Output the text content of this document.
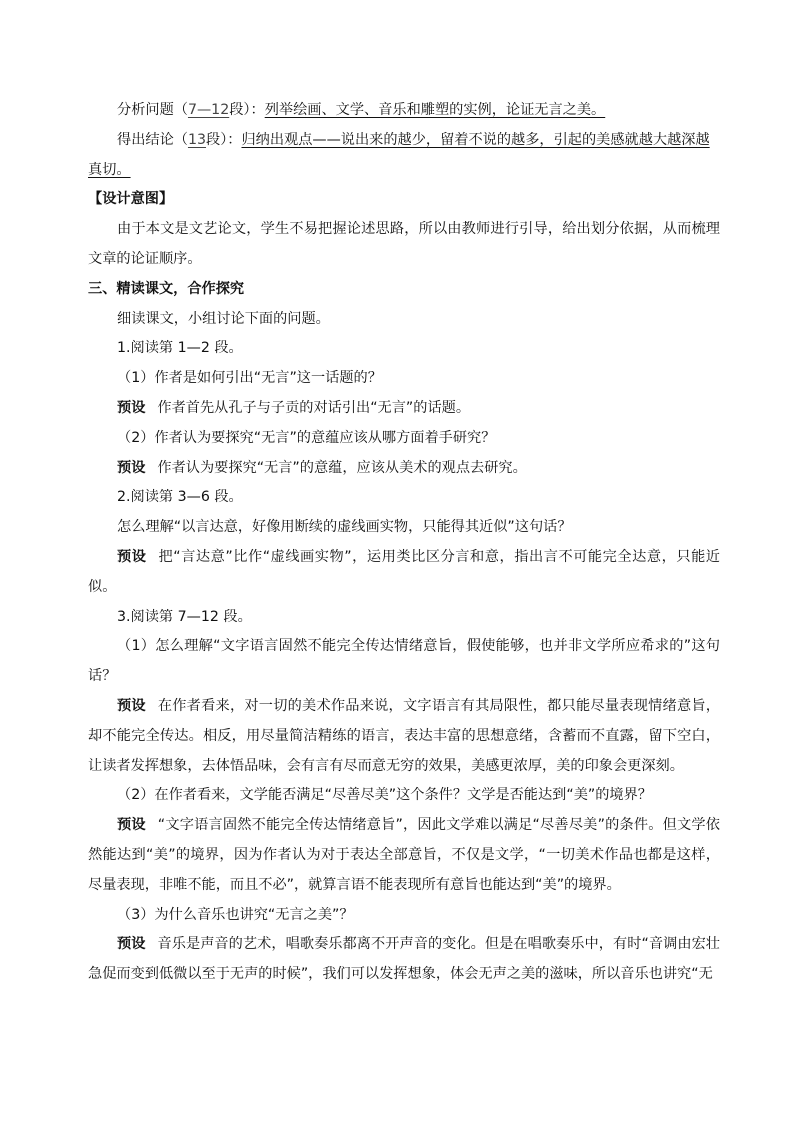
分析问题（7—12段）：列举绘画、文学、音乐和雕塑的实例，论证无言之美。

得出结论（13段）：归纳出观点——说出来的越少，留着不说的越多，引起的美感就越大越深越
真切。

【设计意图】

由于本文是文艺论文，学生不易把握论述思路，所以由教师进行引导，给出划分依据，从而梳理文章的论证顺序。

三、精读课文，合作探究

细读课文，小组讨论下面的问题。

1.阅读第 1—2 段。

（1）作者是如何引出“无言”这一话题的？

预设 作者首先从孔子与子贡的对话引出“无言”的话题。

（2）作者认为要探究“无言”的意蕴应该从哪方面着手研究？

预设 作者认为要探究“无言”的意蕴，应该从美术的观点去研究。

2.阅读第 3—6 段。

怎么理解“以言达意，好像用断续的虚线画实物，只能得其近似”这句话？

预设 把“言达意”比作“虚线画实物”，运用类比区分言和意，指出言不可能完全达意，只能近似。

3.阅读第 7—12 段。

（1）怎么理解“文字语言固然不能完全传达情绪意旨，假使能够，也并非文学所应希求的”这句话？

预设 在作者看来，对一切的美术作品来说，文字语言有其局限性，都只能尽量表现情绪意旨，却不能完全传达。相反，用尽量简洁精练的语言，表达丰富的思想意绪，含蓄而不直露，留下空白，让读者发挥想象，去体悟品味，会有言有尽而意无穷的效果，美感更浓厚，美的印象会更深刻。

（2）在作者看来，文学能否满足“尽善尽美”这个条件？文学是否能达到“美”的境界？

预设 “文字语言固然不能完全传达情绪意旨”，因此文学难以满足“尽善尽美”的条件。但文学依然能达到“美”的境界，因为作者认为对于表达全部意旨，不仅是文学，“一切美术作品也都是这样，尽量表现，非唯不能，而且不必”，就算言语不能表现所有意旨也能达到“美”的境界。

（3）为什么音乐也讲究“无言之美”？

预设 音乐是声音的艺术，唱歌奏乐都离不开声音的变化。但是在唱歌奏乐中，有时“音调由宏壮急促而变到低微以至于无声的时候”，我们可以发挥想象，体会无声之美的滋味，所以音乐也讲究“无
